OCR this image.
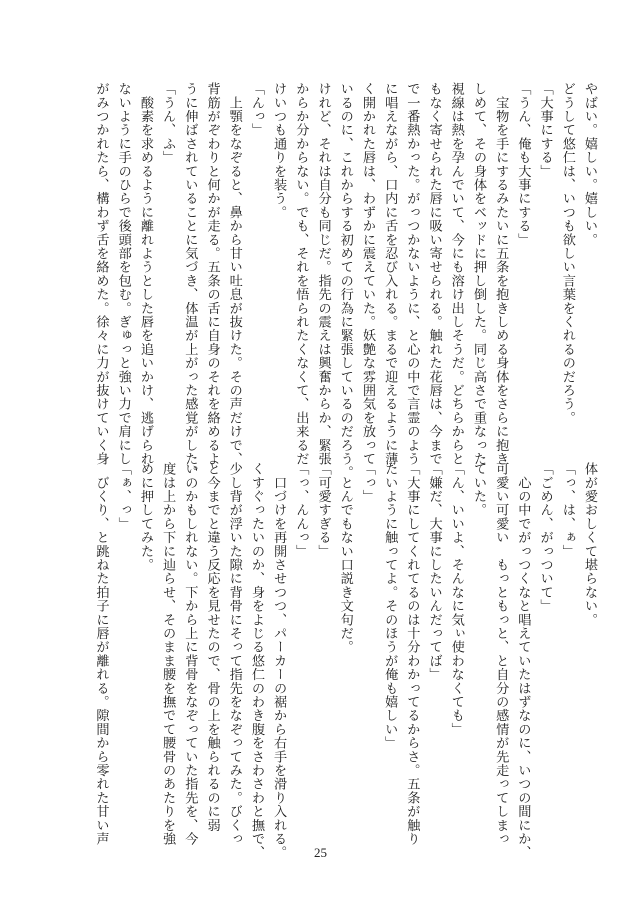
やばい。嬉しい。嬉しい。
どうして悠仁は、いつも欲しい言葉をくれるのだろう。
「大事にする」
「うん、俺も大事にする」
　宝物を手にするみたいに五条を抱きしめる身体をさらに抱き
しめて、その身体をベッドに押し倒した。同じ高さで重なった
視線は熱を孕んでいて、今にも溶け出しそうだ。どちらからと
もなく寄せられた唇に吸い寄せられる。触れた花唇は、今まで
で一番熱かった。がっつかないように、と心の中で言霊のよう
に唱えながら、口内に舌を忍び入れる。まるで迎えるように薄
く開かれた唇は、わずかに震えていた。妖艶な雰囲気を放って
いるのに、これからする初めての行為に緊張しているのだろう。
けれど、それは自分も同じだ。指先の震えは興奮からか、緊張
からか分からない。でも、それを悟られたくなくて、出来るだ
けいつも通りを装う。
「んっ」
　上顎をなぞると、鼻から甘い吐息が抜けた。その声だけで、
背筋がぞわりと何かが走る。五条の舌に自身のそれを絡めるよ
うに伸ばされていることに気づき、体温が上がった感覚がした。
「うん、ふ」
　酸素を求めるように離れようとした唇を追いかけ、逃げられ
ないように手のひらで後頭部を包む。ぎゅっと強い力で肩にし
がみつかれたら、構わず舌を絡めた。徐々に力が抜けていく身
体が愛おしくて堪らない。
「っ、は、ぁ」
「ごめん、がっついて」
　心の中でがっつくなと唱えていたはずなのに、いつの間にか、
可愛い可愛い　もっともっと、と自分の感情が先走ってしまっ
ていた。
「ん、いいよ、そんなに気ぃ使わなくても」
「嫌だ、大事にしたいんだってば」
「大事にしてくれてるのは十分わかってるからさ。五条が触り
たいように触ってよ。そのほうが俺も嬉しい」
「っ」
　とんでもない口説き文句だ。
「可愛すぎる」
「っ、んんっ」
　口づけを再開させつつ、パーカーの裾から右手を滑り入れる。
くすぐったいのか、身をよじる悠仁のわき腹をさわさわと撫で、
少し背が浮いた隙に背骨にそって指先をなぞってみた。びくっ
と今までと違う反応を見せたので、骨の上を触られるのに弱
いのかもしれない。下から上に背骨をなぞっていた指先を、今
度は上から下に辿らせ、そのまま腰を撫でて腰骨のあたりを強
めに押してみた。
「ぁ、っ」
　びくり、と跳ねた拍子に唇が離れる。隙間から零れた甘い声
25
